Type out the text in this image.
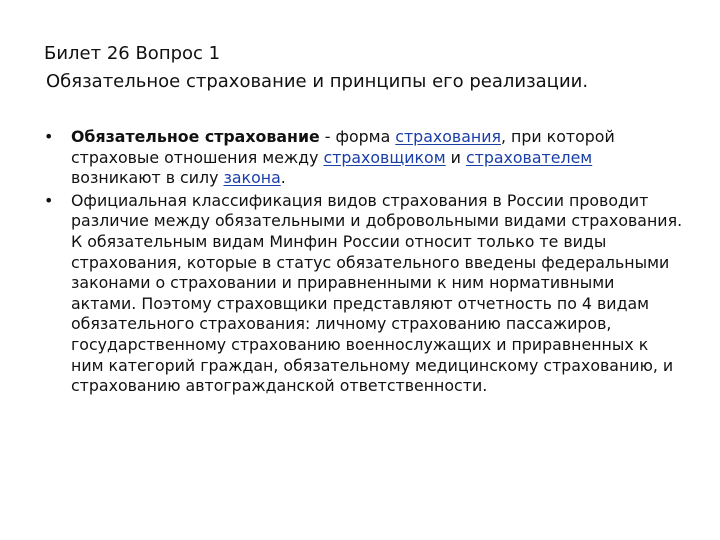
Билет 26 Вопрос 1
Обязательное страхование и принципы его реализации.
•	Обязательное страхование - форма страхования, при которой страховые отношения между страховщиком и страхователем возникают в силу закона.
•	Официальная классификация видов страхования в России проводит различие между обязательными и добровольными видами страхования. К обязательным видам Минфин России относит только те виды страхования, которые в статус обязательного введены федеральными законами о страховании и приравненными к ним нормативными актами. Поэтому страховщики представляют отчетность по 4 видам обязательного страхования: личному страхованию пассажиров, государственному страхованию военнослужащих и приравненных к ним категорий граждан, обязательному медицинскому страхованию, и страхованию автогражданской ответственности.
